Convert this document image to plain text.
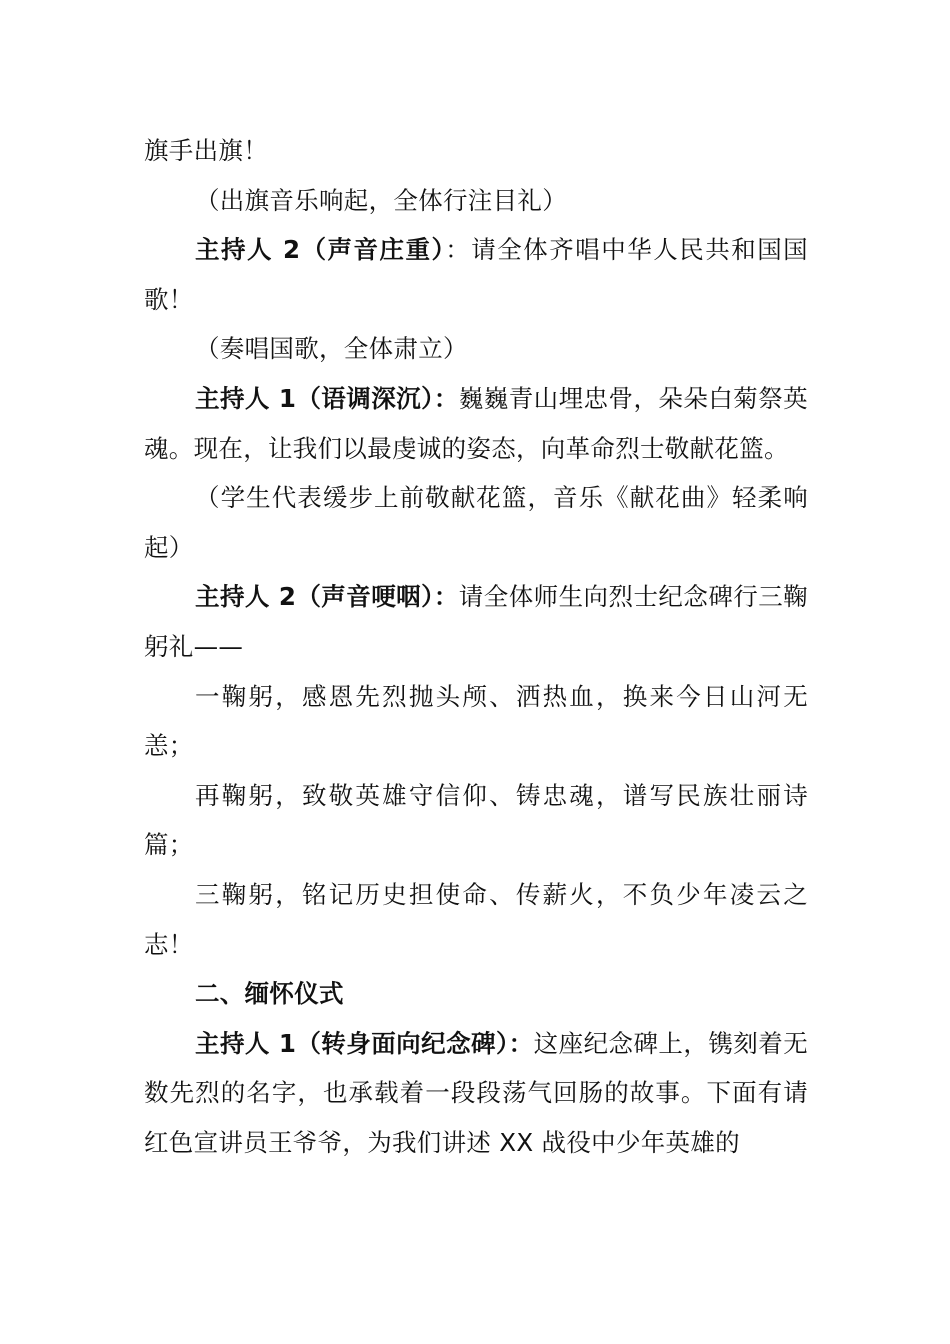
旗手出旗！

（出旗音乐响起，全体行注目礼）

主持人 2（声音庄重）：请全体齐唱中华人民共和国国歌！

（奏唱国歌，全体肃立）

主持人 1（语调深沉）：巍巍青山埋忠骨，朵朵白菊祭英魂。现在，让我们以最虔诚的姿态，向革命烈士敬献花篮。

（学生代表缓步上前敬献花篮，音乐《献花曲》轻柔响起）

主持人 2（声音哽咽）：请全体师生向烈士纪念碑行三鞠躬礼——

一鞠躬，感恩先烈抛头颅、洒热血，换来今日山河无恙；

再鞠躬，致敬英雄守信仰、铸忠魂，谱写民族壮丽诗篇；

三鞠躬，铭记历史担使命、传薪火，不负少年凌云之志！

二、缅怀仪式

主持人 1（转身面向纪念碑）：这座纪念碑上，镌刻着无数先烈的名字，也承载着一段段荡气回肠的故事。下面有请红色宣讲员王爷爷，为我们讲述 XX 战役中少年英雄的
